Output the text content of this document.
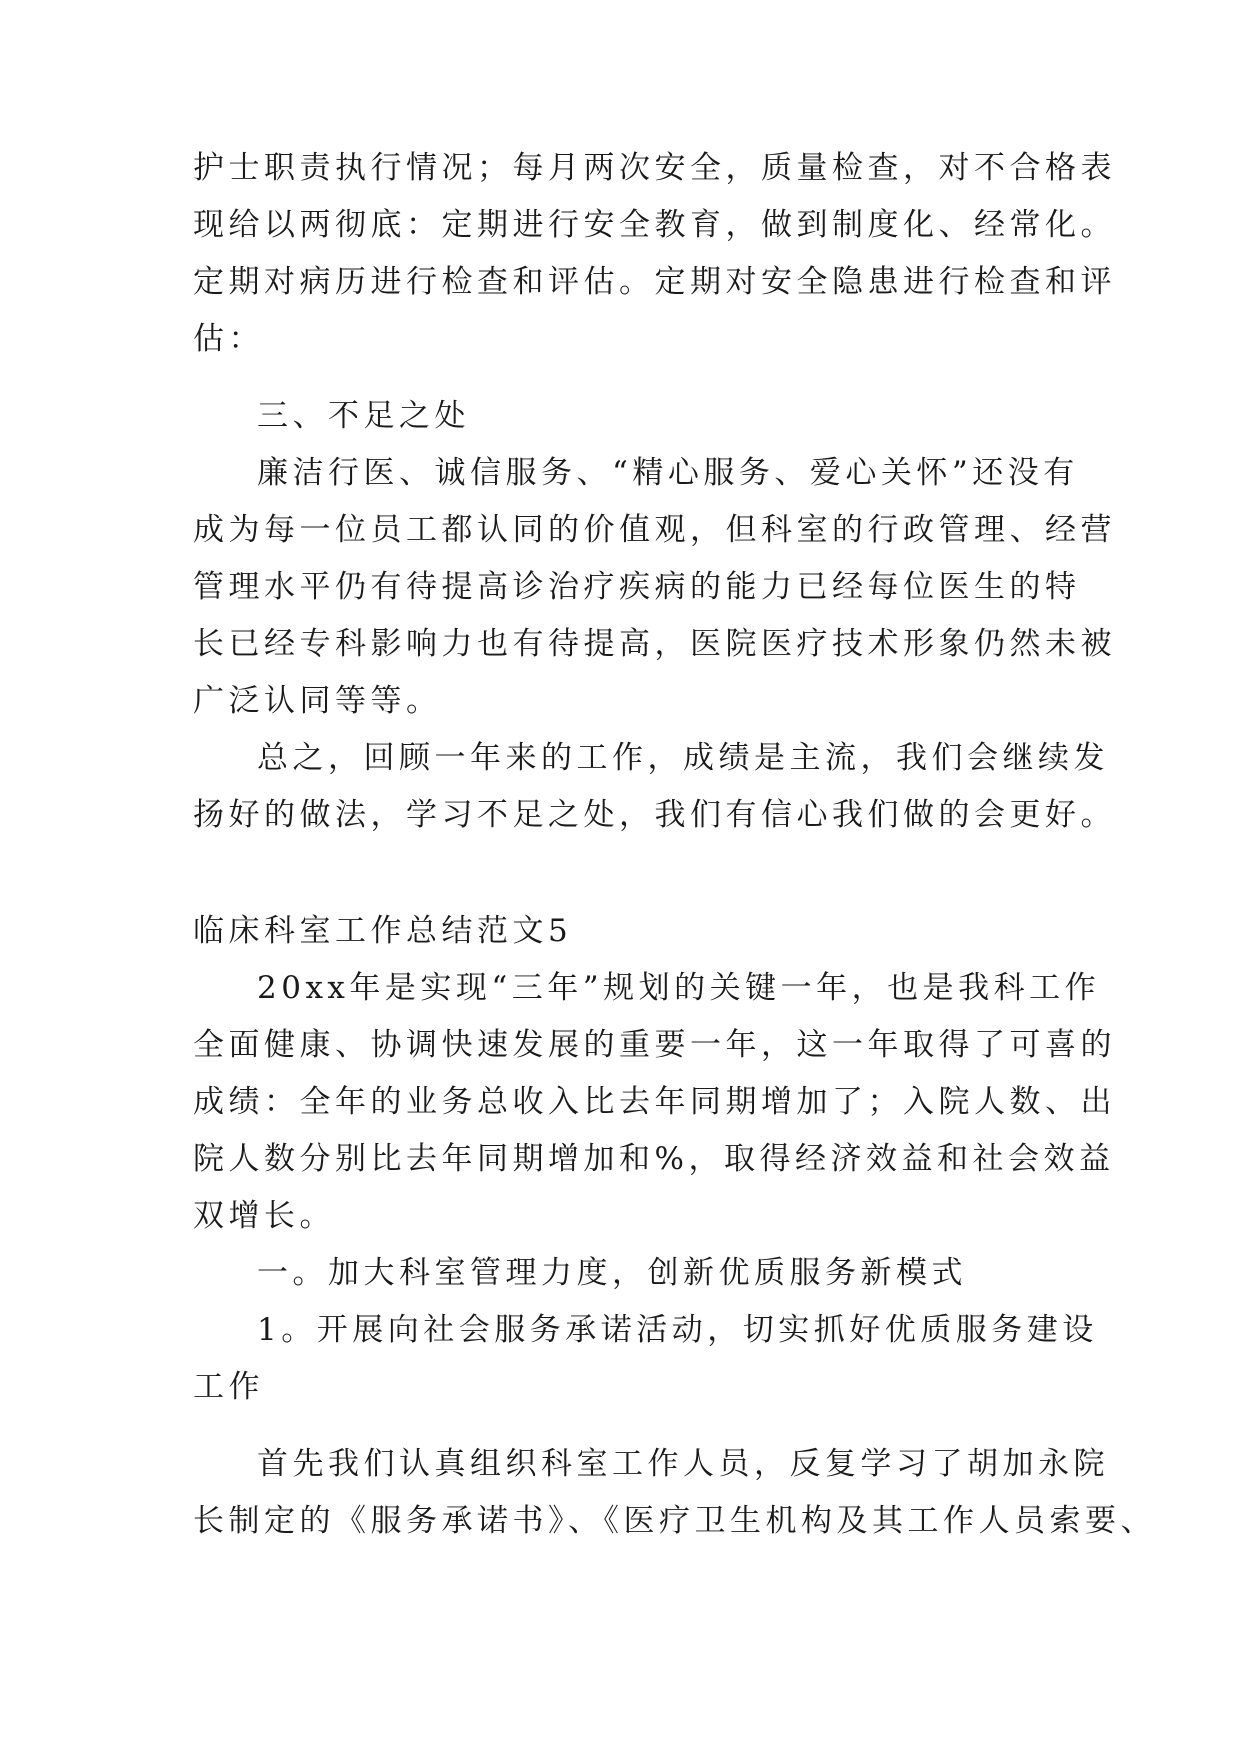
护士职责执行情况；每月两次安全，质量检查，对不合格表
现给以两彻底：定期进行安全教育，做到制度化、经常化。
定期对病历进行检查和评估。定期对安全隐患进行检查和评
估：
三、不足之处
廉洁行医、诚信服务、“精心服务、爱心关怀”还没有
成为每一位员工都认同的价值观，但科室的行政管理、经营
管理水平仍有待提高诊治疗疾病的能力已经每位医生的特
长已经专科影响力也有待提高，医院医疗技术形象仍然未被
广泛认同等等。
总之，回顾一年来的工作，成绩是主流，我们会继续发
扬好的做法，学习不足之处，我们有信心我们做的会更好。
临床科室工作总结范文5
20xx年是实现“三年”规划的关键一年，也是我科工作
全面健康、协调快速发展的重要一年，这一年取得了可喜的
成绩：全年的业务总收入比去年同期增加了；入院人数、出
院人数分别比去年同期增加和%，取得经济效益和社会效益
双增长。
一。加大科室管理力度，创新优质服务新模式
1。开展向社会服务承诺活动，切实抓好优质服务建设
工作
首先我们认真组织科室工作人员，反复学习了胡加永院
长制定的《服务承诺书》、《医疗卫生机构及其工作人员索要、
